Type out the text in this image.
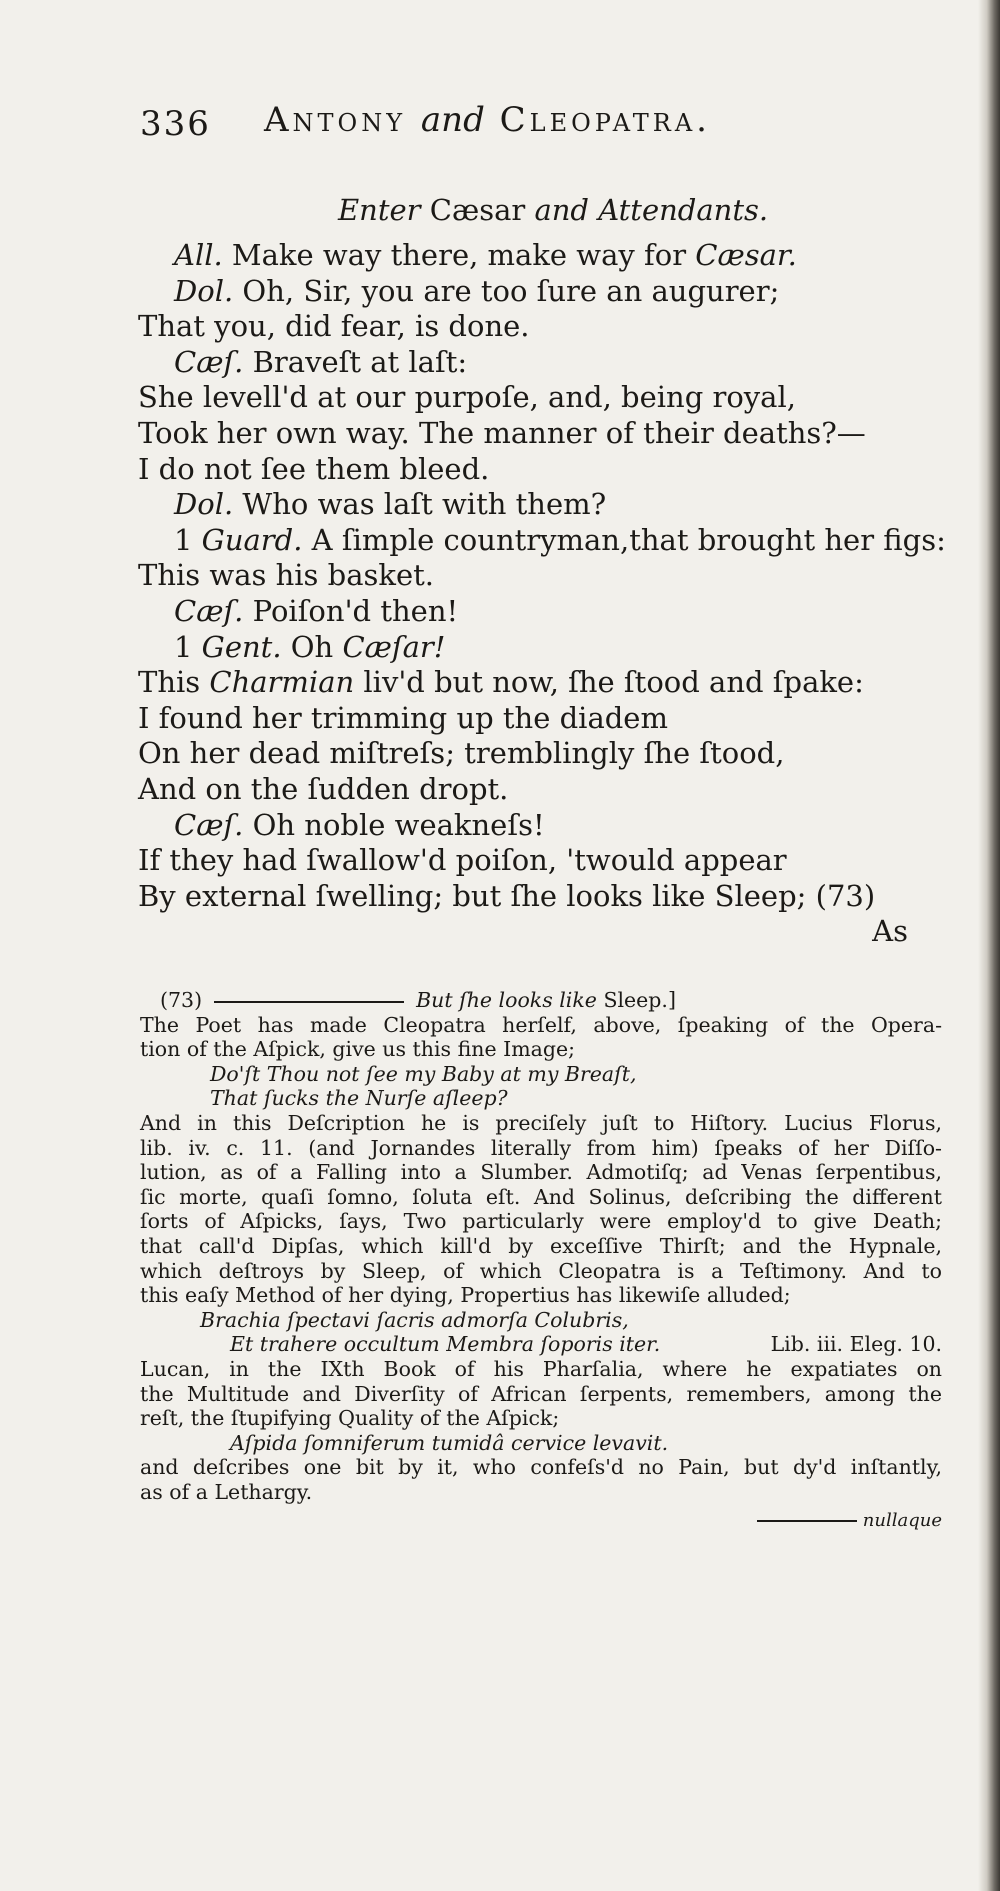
336 Antony and Cleopatra.
Enter Cæsar and Attendants.
All. Make way there, make way for Cæsar.
Dol. Oh, Sir, you are too ſure an augurer;
That you, did fear, is done.
Cæſ. Braveſt at laſt:
She levell'd at our purpoſe, and, being royal,
Took her own way. The manner of their deaths?—
I do not ſee them bleed.
Dol. Who was laſt with them?
1 Guard. A ſimple countryman,that brought her figs:
This was his basket.
Cæſ. Poiſon'd then!
1 Gent. Oh Cæſar!
This Charmian liv'd but now, ſhe ſtood and ſpake:
I found her trimming up the diadem
On her dead miſtreſs; tremblingly ſhe ſtood,
And on the ſudden dropt.
Cæſ. Oh noble weakneſs!
If they had ſwallow'd poiſon, 'twould appear
By external ſwelling; but ſhe looks like Sleep; (73)
As
(73)	But ſhe looks like Sleep.]
The Poet has made Cleopatra herſelf, above, ſpeaking of the Opera-
tion of the Aſpick, give us this fine Image;
Do'ſt Thou not ſee my Baby at my Breaſt,
That ſucks the Nurſe aſleep?
And in this Deſcription he is preciſely juſt to Hiſtory. Lucius Florus,
lib. iv. c. 11. (and Jornandes literally from him) ſpeaks of her Diſſo-
lution, as of a Falling into a Slumber. Admotiſq; ad Venas ſerpentibus,
ſic morte, quaſi ſomno, ſoluta eſt. And Solinus, deſcribing the different
ſorts of Aſpicks, ſays, Two particularly were employ'd to give Death;
that call'd Dipſas, which kill'd by exceſſive Thirſt; and the Hypnale,
which deſtroys by Sleep, of which Cleopatra is a Teſtimony. And to
this eaſy Method of her dying, Propertius has likewiſe alluded;
Brachia ſpectavi ſacris admorſa Colubris,
Et trahere occultum Membra ſoporis iter.	Lib. iii. Eleg. 10.
Lucan, in the IXth Book of his Pharſalia, where he expatiates on
the Multitude and Diverſity of African ſerpents, remembers, among the
reſt, the ſtupifying Quality of the Aſpick;
Aſpida ſomniferum tumidâ cervice levavit.
and deſcribes one bit by it, who confeſs'd no Pain, but dy'd inſtantly,
as of a Lethargy.
nullaque
